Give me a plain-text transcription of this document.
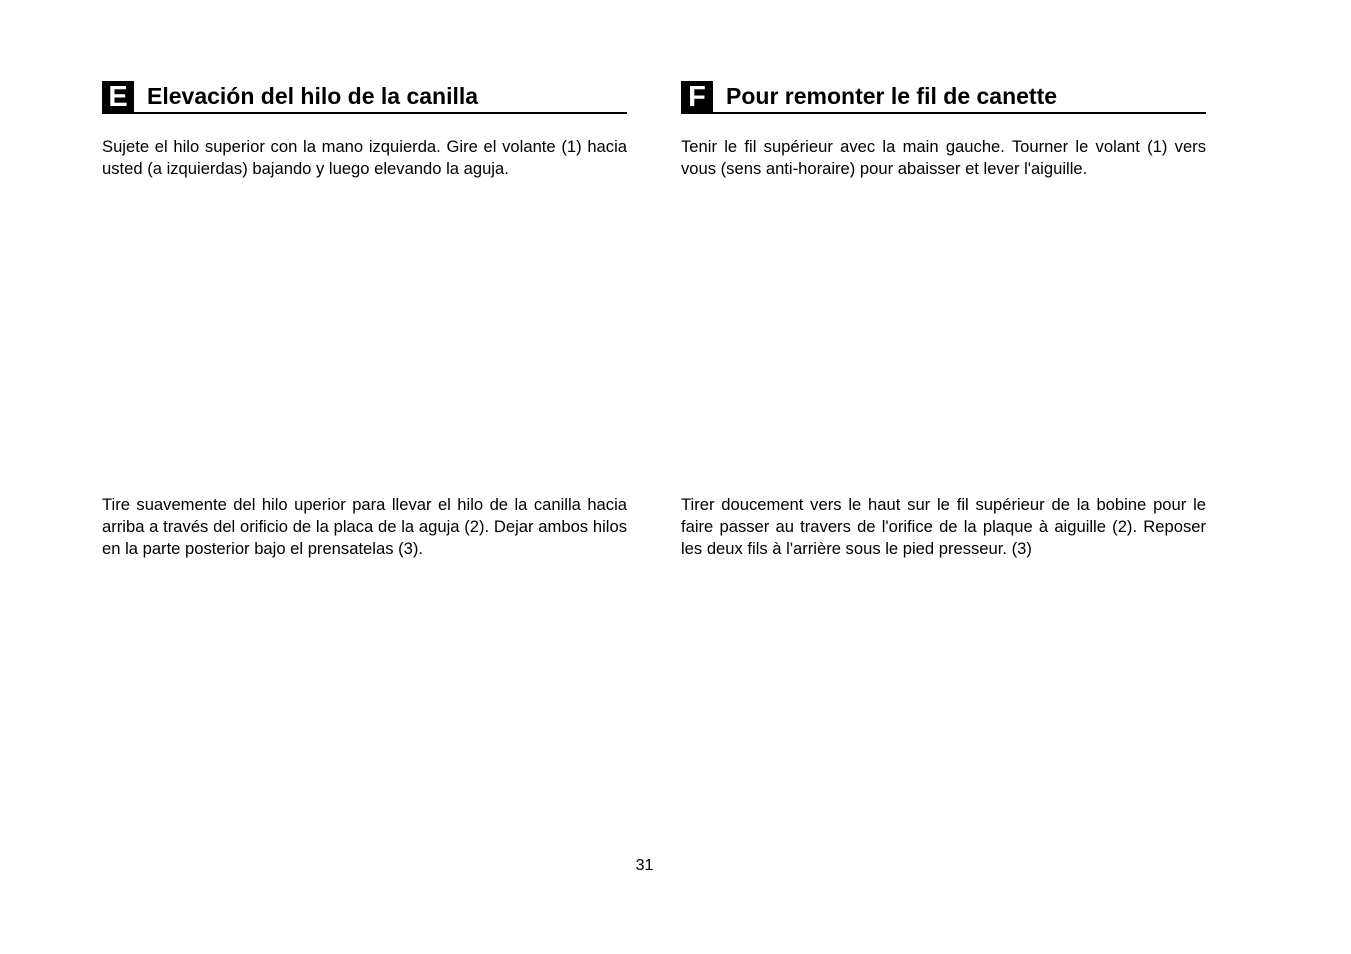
E Elevación del hilo de la canilla

Sujete el hilo superior con la mano izquierda. Gire el volante (1) hacia usted (a izquierdas) bajando y luego elevando la aguja.

Tire suavemente del hilo uperior para llevar el hilo de la canilla hacia arriba a través del orificio de la placa de la aguja (2). Dejar ambos hilos en la parte posterior bajo el prensatelas (3).

F Pour remonter le fil de canette

Tenir le fil supérieur avec la main gauche. Tourner le volant (1) vers vous (sens anti-horaire) pour abaisser et lever l'aiguille.

Tirer doucement vers le haut sur le fil supérieur de la bobine pour le faire passer au travers de l'orifice de la plaque à aiguille (2). Reposer les deux fils à l'arrière sous le pied presseur. (3)

31
